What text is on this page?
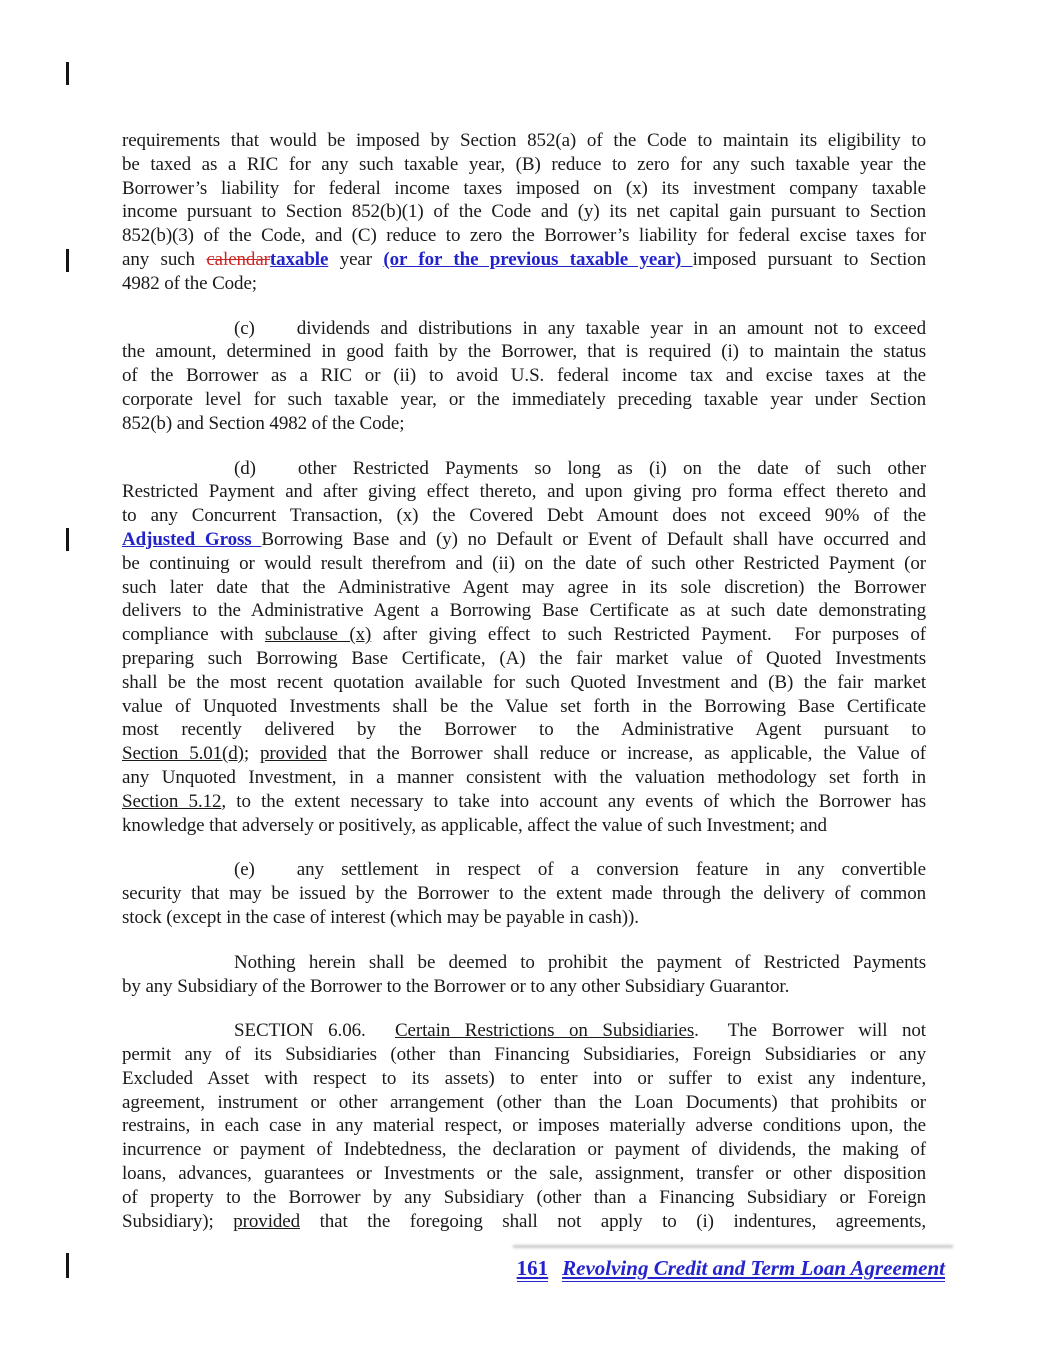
requirements that would be imposed by Section 852(a) of the Code to maintain its eligibility to
be taxed as a RIC for any such taxable year, (B) reduce to zero for any such taxable year the
Borrower’s liability for federal income taxes imposed on (x) its investment company taxable
income pursuant to Section 852(b)(1) of the Code and (y) its net capital gain pursuant to Section
852(b)(3) of the Code, and (C) reduce to zero the Borrower’s liability for federal excise taxes for
any such calendartaxable year (or for the previous taxable year) imposed pursuant to Section
4982 of the Code;
(c) dividends and distributions in any taxable year in an amount not to exceed
the amount, determined in good faith by the Borrower, that is required (i) to maintain the status
of the Borrower as a RIC or (ii) to avoid U.S. federal income tax and excise taxes at the
corporate level for such taxable year, or the immediately preceding taxable year under Section
852(b) and Section 4982 of the Code;
(d) other Restricted Payments so long as (i) on the date of such other
Restricted Payment and after giving effect thereto, and upon giving pro forma effect thereto and
to any Concurrent Transaction, (x) the Covered Debt Amount does not exceed 90% of the
Adjusted Gross Borrowing Base and (y) no Default or Event of Default shall have occurred and
be continuing or would result therefrom and (ii) on the date of such other Restricted Payment (or
such later date that the Administrative Agent may agree in its sole discretion) the Borrower
delivers to the Administrative Agent a Borrowing Base Certificate as at such date demonstrating
compliance with subclause (x) after giving effect to such Restricted Payment.  For purposes of
preparing such Borrowing Base Certificate, (A) the fair market value of Quoted Investments
shall be the most recent quotation available for such Quoted Investment and (B) the fair market
value of Unquoted Investments shall be the Value set forth in the Borrowing Base Certificate
most recently delivered by the Borrower to the Administrative Agent pursuant to
Section 5.01(d); provided that the Borrower shall reduce or increase, as applicable, the Value of
any Unquoted Investment, in a manner consistent with the valuation methodology set forth in
Section 5.12, to the extent necessary to take into account any events of which the Borrower has
knowledge that adversely or positively, as applicable, affect the value of such Investment; and
(e) any settlement in respect of a conversion feature in any convertible
security that may be issued by the Borrower to the extent made through the delivery of common
stock (except in the case of interest (which may be payable in cash)).
Nothing herein shall be deemed to prohibit the payment of Restricted Payments
by any Subsidiary of the Borrower to the Borrower or to any other Subsidiary Guarantor.
SECTION 6.06.  Certain Restrictions on Subsidiaries.  The Borrower will not
permit any of its Subsidiaries (other than Financing Subsidiaries, Foreign Subsidiaries or any
Excluded Asset with respect to its assets) to enter into or suffer to exist any indenture,
agreement, instrument or other arrangement (other than the Loan Documents) that prohibits or
restrains, in each case in any material respect, or imposes materially adverse conditions upon, the
incurrence or payment of Indebtedness, the declaration or payment of dividends, the making of
loans, advances, guarantees or Investments or the sale, assignment, transfer or other disposition
of property to the Borrower by any Subsidiary (other than a Financing Subsidiary or Foreign
Subsidiary); provided that the foregoing shall not apply to (i) indentures, agreements,
161 Revolving Credit and Term Loan Agreement
